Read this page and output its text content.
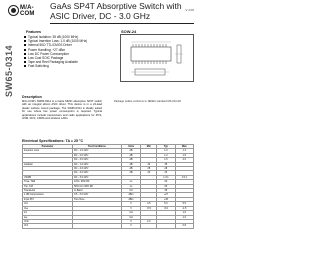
M/A-COM
GaAs SP4T Absorptive Switch with ASIC Driver, DC - 3.0 GHz
V 4.00
SW65-0314
Features
Typical Isolation: 35 dB (1000 MHz)
Typical Insertion Loss: 1.0 dB (1000 MHz)
Internal 50Ω TTL/CMOS Driver
Power Handling: +27 dBm
Low DC Power Consumption
Low Cost SOIC Package
Tape and Reel Packaging Available
Fast Switching
Description
M/A-COM's SW65-0314 is a GaAs MMIC absorptive SP4T switch with an integral silicon ASIC driver. This device is in a 24-lead plastic surface mount package. The SW65-0314 is ideally suited for use where low power consumption is required. Typical applications include transceivers and radio applications for PCS, GSM, DCS, CDMA and wireless LANs.
SOW-24
Package outline conforms to JEDEC standard MS-013-AD
Electrical Specifications: TA = 25 °C
Parameter	Test Conditions	Units	Min	Typ	Max
Insertion Loss	DC - 1.0 GHz	dB		1.0	1.3
	DC - 2.0 GHz	dB		1.2	1.5
	DC - 3.0 GHz	dB		1.5	2.0
Isolation	DC - 1.0 GHz	dB	32	35	
	DC - 2.0 GHz	dB	25	28	
	DC - 3.0 GHz	dB	20	23	
VSWR	DC - 3.0 GHz			1.3:1	1.5:1
Trise, Tfall	10% / 90% RF	ns		20	
Ton, Toff	50% Ctl / 90% RF	ns		60	
Transients	In-Band	mV		35	
1 dB Compression	0.5 - 3.0 GHz	dBm		+27	
Input IP3	Two-Tone	dBm		+45	
Vcc		V	4.5	5.0	5.5
Vee		V	-5.5	-5.0	-4.5
Icc		mA			1.0
Iee		mA			1.0
Vinh		V	2.0		
Vinl		V			0.8
